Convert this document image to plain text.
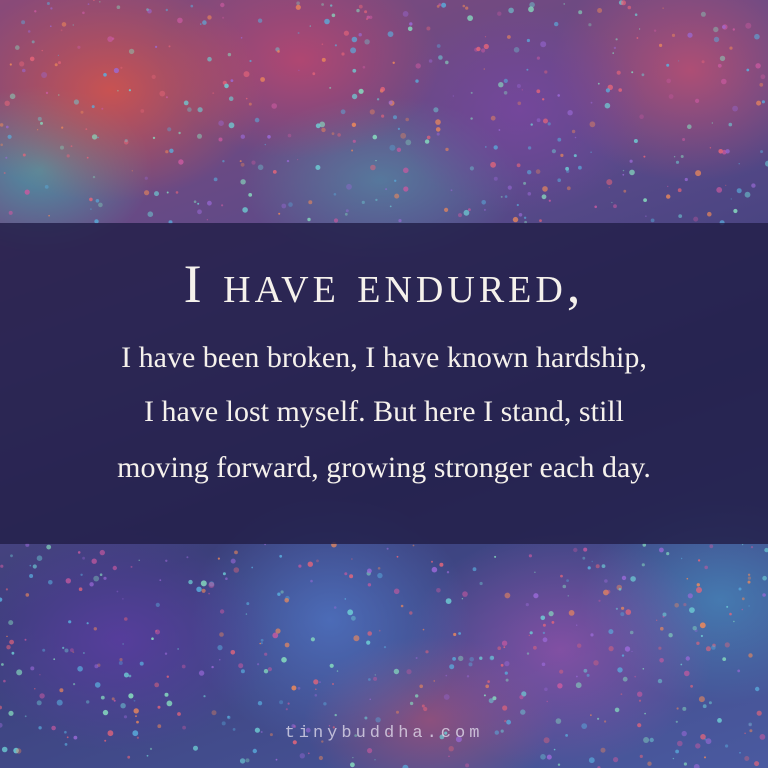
I have endured,
I have been broken, I have known hardship,
I have lost myself. But here I stand, still
moving forward, growing stronger each day.
tinybuddha.com
